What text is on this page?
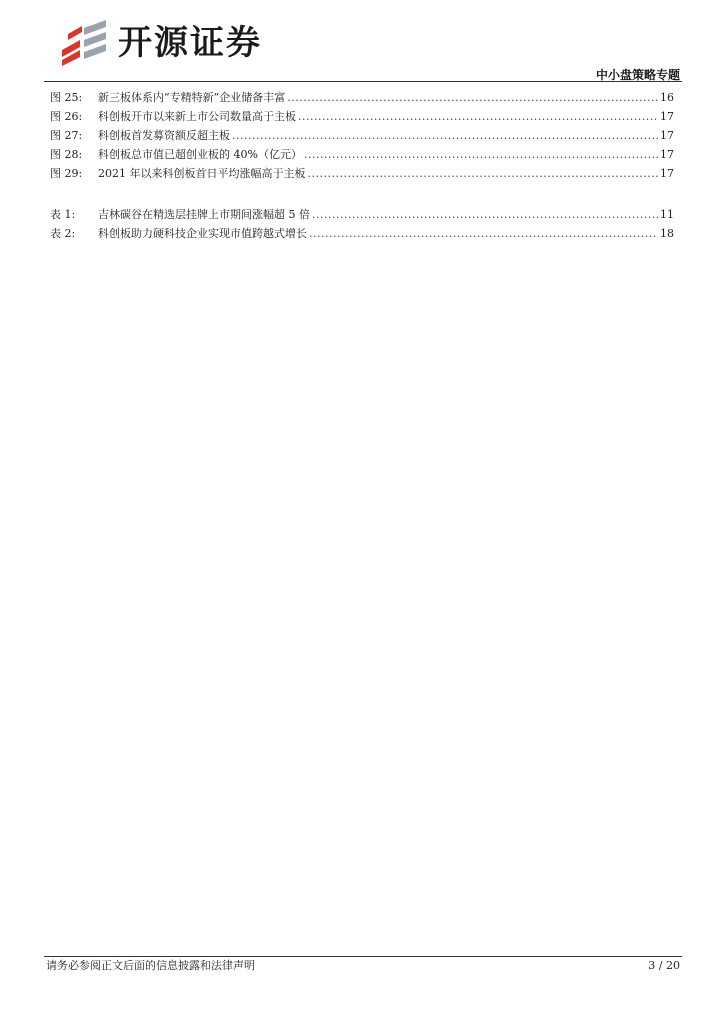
开源证券
中小盘策略专题
图 25:	新三板体系内“专精特新”企业储备丰富 .....	16
图 26:	科创板开市以来新上市公司数量高于主板 .....	17
图 27:	科创板首发募资额反超主板 .....	17
图 28:	科创板总市值已超创业板的 40%（亿元） .....	17
图 29:	2021 年以来科创板首日平均涨幅高于主板 .....	17
表 1:	吉林碳谷在精选层挂牌上市期间涨幅超 5 倍 .....	11
表 2:	科创板助力硬科技企业实现市值跨越式增长 .....	18
请务必参阅正文后面的信息披露和法律声明	3 / 20
